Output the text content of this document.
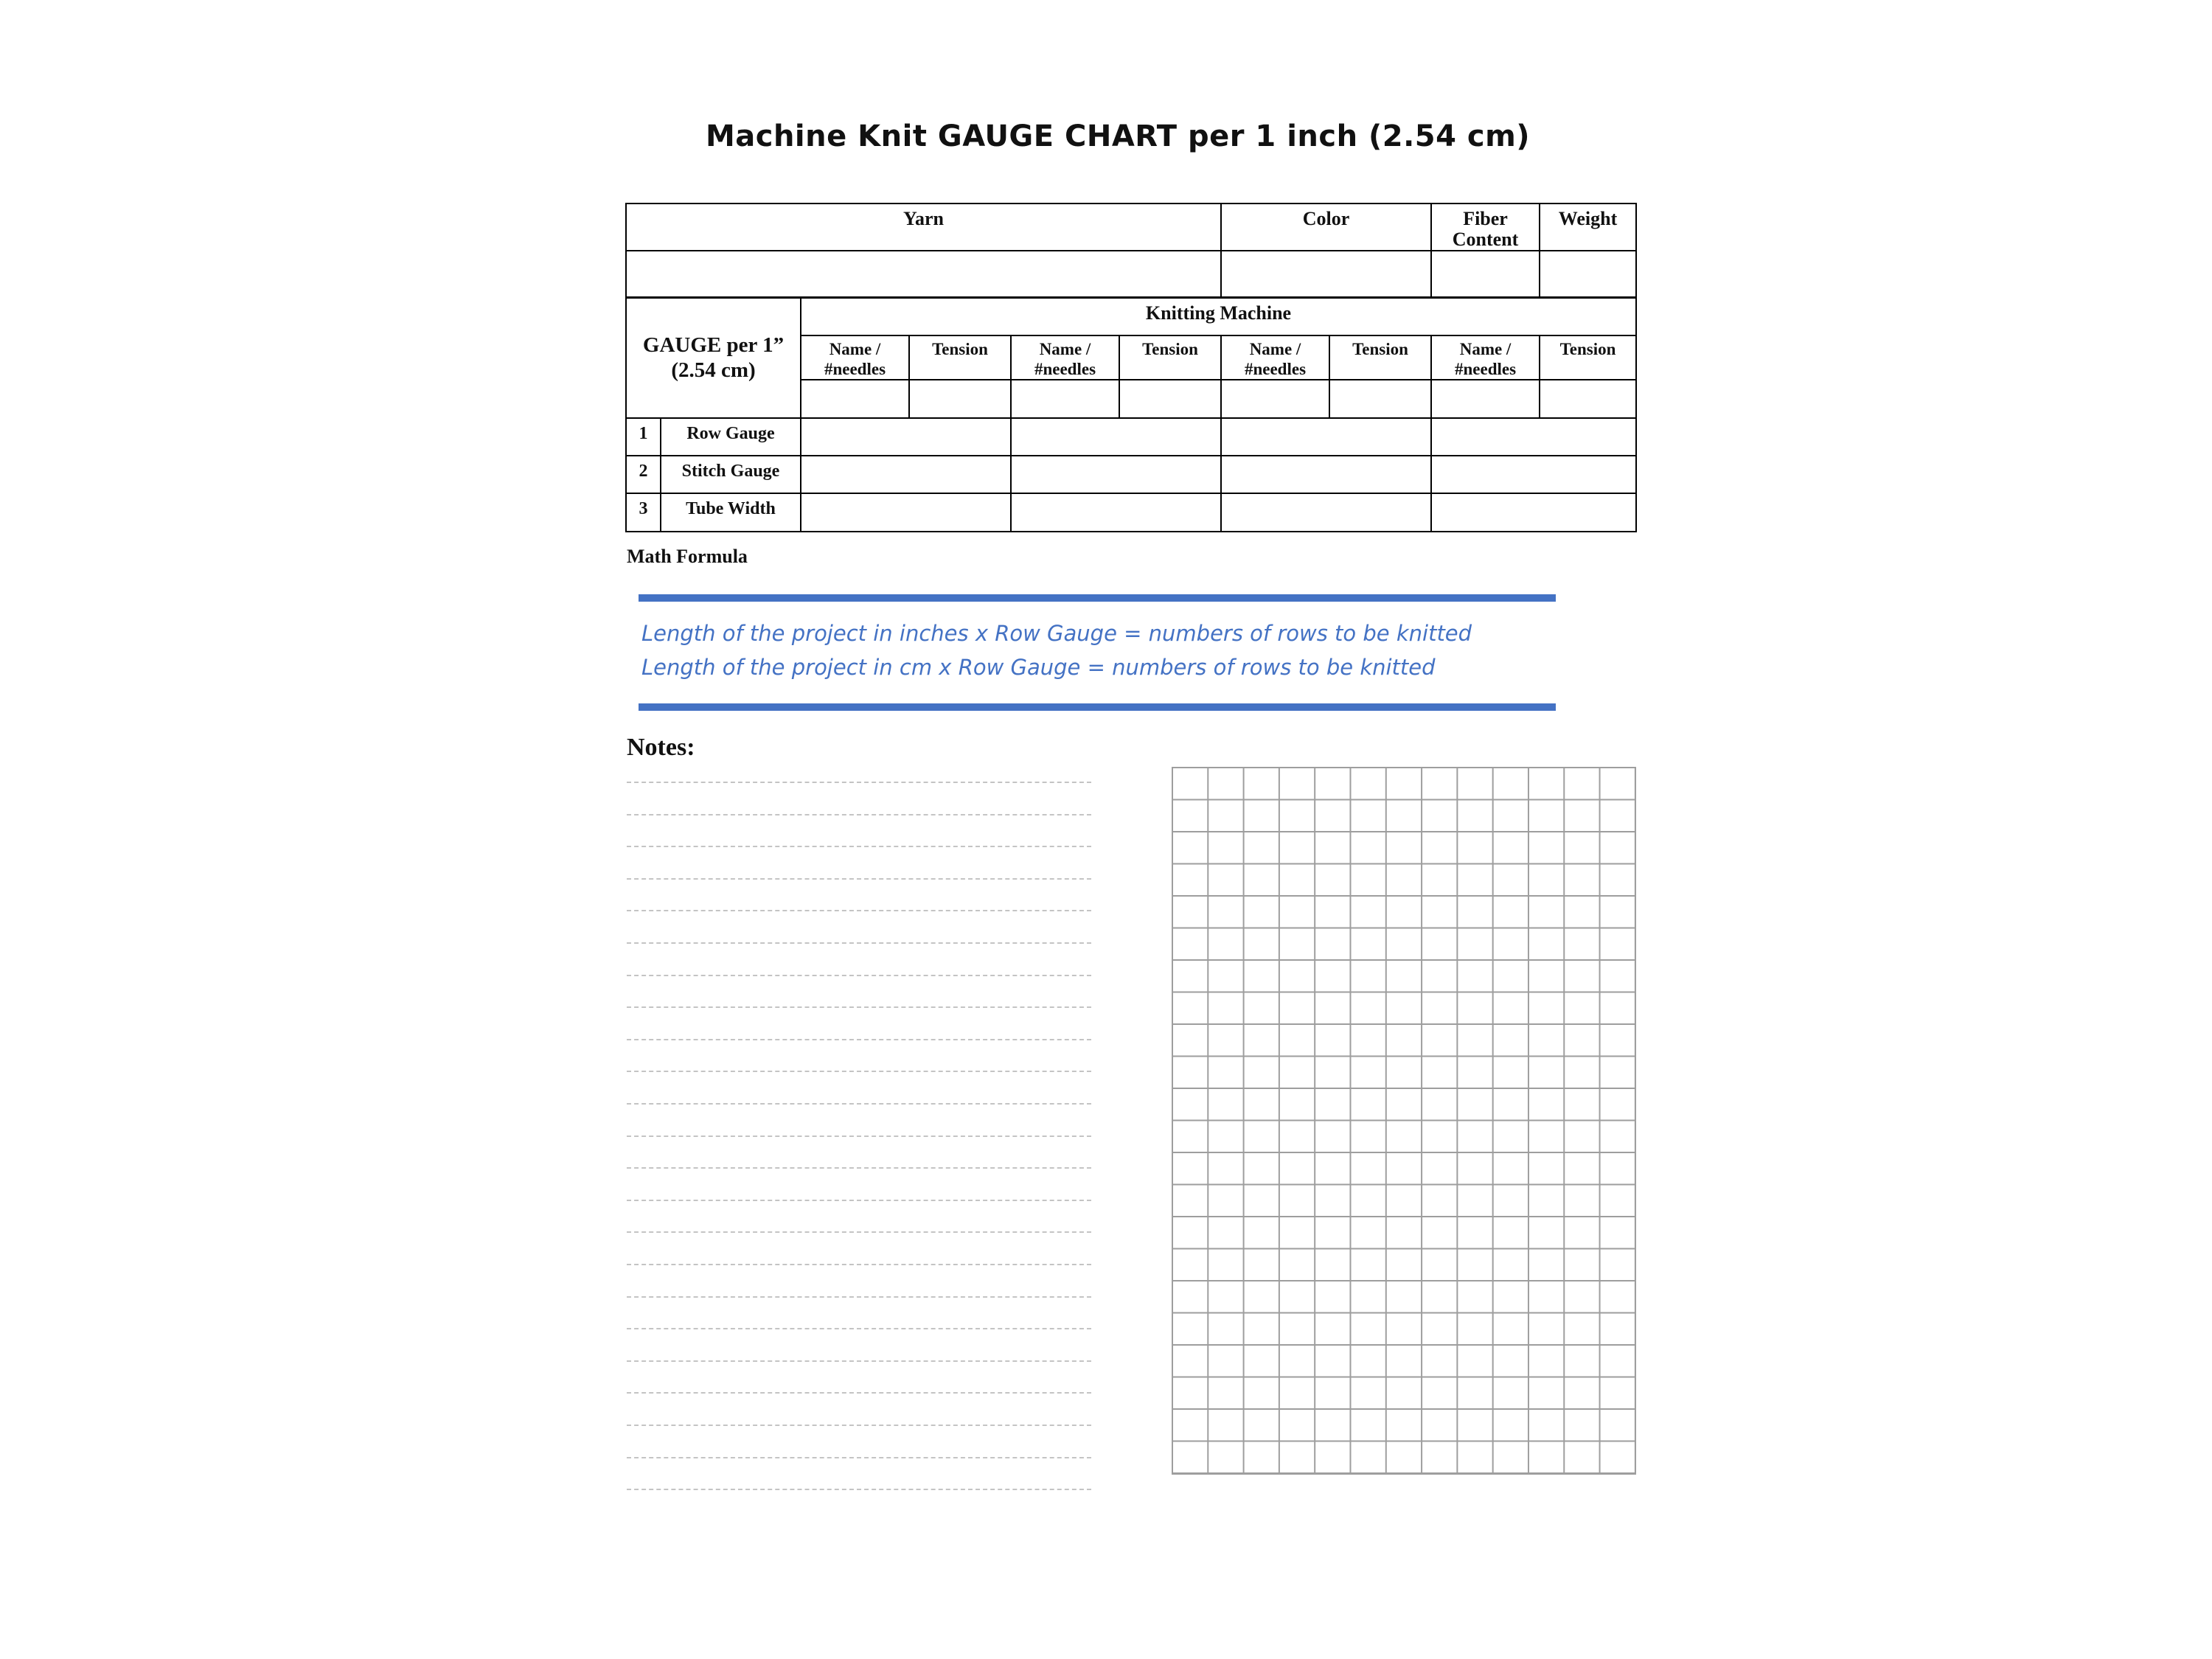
Machine Knit GAUGE CHART per 1 inch (2.54 cm)
Yarn						Color		Fiber Content	Weight

GAUGE per 1” (2.54 cm)		Knitting Machine							
		Name / #needles	Tension	Name / #needles	Tension	Name / #needles	Tension	Name / #needles	Tension

1	Row Gauge								
2	Stitch Gauge								
3	Tube Width								
Math Formula
Length of the project in inches x Row Gauge = numbers of rows to be knitted
Length of the project in cm x Row Gauge = numbers of rows to be knitted
Notes:
